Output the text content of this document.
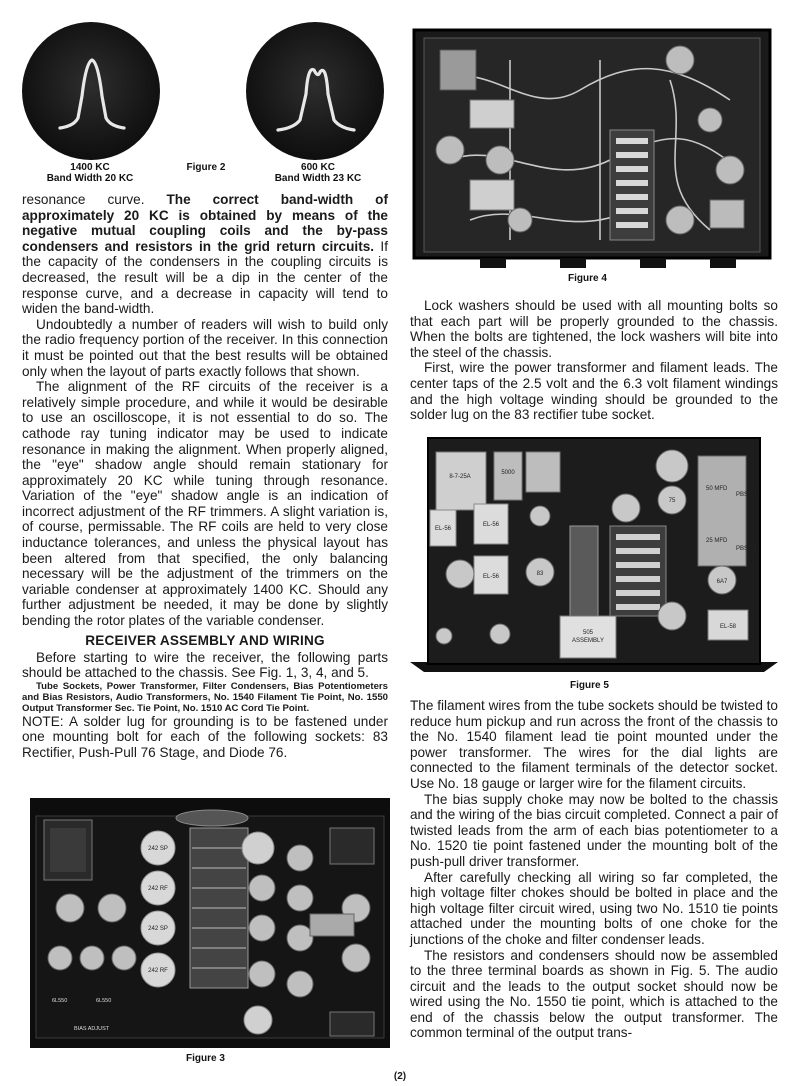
1400 KC
Band Width 20 KC
Figure 2	600 KC
Band Width 23 KC

resonance curve. The correct band-width of approximately 20 KC is obtained by means of the negative mutual coupling coils and the by-pass condensers and resistors in the grid return circuits. If the capacity of the condensers in the coupling circuits is decreased, the result will be a dip in the center of the response curve, and a decrease in capacity will tend to widen the band-width.

Undoubtedly a number of readers will wish to build only the radio frequency portion of the receiver. In this connection it must be pointed out that the best results will be obtained only when the layout of parts exactly follows that shown.

The alignment of the RF circuits of the receiver is a relatively simple procedure, and while it would be desirable to use an oscilloscope, it is not essential to do so. The cathode ray tuning indicator may be used to indicate resonance in making the alignment. When properly aligned, the "eye" shadow angle should remain stationary for approximately 20 KC while tuning through resonance. Variation of the "eye" shadow angle is an indication of incorrect adjustment of the RF trimmers. A slight variation is, of course, permissable. The RF coils are held to very close inductance tolerances, and unless the physical layout has been altered from that specified, the only balancing necessary will be the adjustment of the trimmers on the variable condenser at approximately 1400 KC. Should any further adjustment be needed, it may be done by slightly bending the rotor plates of the variable condenser.

RECEIVER ASSEMBLY AND WIRING

Before starting to wire the receiver, the following parts should be attached to the chassis. See Fig. 1, 3, 4, and 5.

Tube Sockets, Power Transformer, Filter Condensers, Bias Potentiometers and Bias Resistors, Audio Transformers, No. 1540 Filament Tie Point, No. 1550 Output Transformer Sec. Tie Point, No. 1510 AC Cord Tie Point.

NOTE: A solder lug for grounding is to be fastened under one mounting bolt for each of the following sockets: 83 Rectifier, Push-Pull 76 Stage, and Diode 76.

242 SP
242 RF
242 SP
242 RF
6L550	6L550
BIAS ADJUST
Figure 3
Figure 4

Lock washers should be used with all mounting bolts so that each part will be properly grounded to the chassis. When the bolts are tightened, the lock washers will bite into the steel of the chassis.

First, wire the power transformer and filament leads. The center taps of the 2.5 volt and the 6.3 volt filament windings and the high voltage winding should be grounded to the solder lug on the 83 rectifier tube socket.

8-7-25A
5000
EL-56
EL-56
EL-56
83
505
ASSEMBLY
75
6A7
EL-58
50 MFD
25 MFD
PBS 5
PBS 25
Figure 5

The filament wires from the tube sockets should be twisted to reduce hum pickup and run across the front of the chassis to the No. 1540 filament lead tie point mounted under the power transformer. The wires for the dial lights are connected to the filament terminals of the detector socket. Use No. 18 gauge or larger wire for the filament circuits.

The bias supply choke may now be bolted to the chassis and the wiring of the bias circuit completed. Connect a pair of twisted leads from the arm of each bias potentiometer to a No. 1520 tie point fastened under the mounting bolt of the push-pull driver transformer.

After carefully checking all wiring so far completed, the high voltage filter chokes should be bolted in place and the high voltage filter circuit wired, using two No. 1510 tie points attached under the mounting bolts of one choke for the junctions of the choke and filter condenser leads.

The resistors and condensers should now be assembled to the three terminal boards as shown in Fig. 5. The audio circuit and the leads to the output socket should now be wired using the No. 1550 tie point, which is attached to the end of the chassis below the output transformer. The common terminal of the output trans-

(2)
